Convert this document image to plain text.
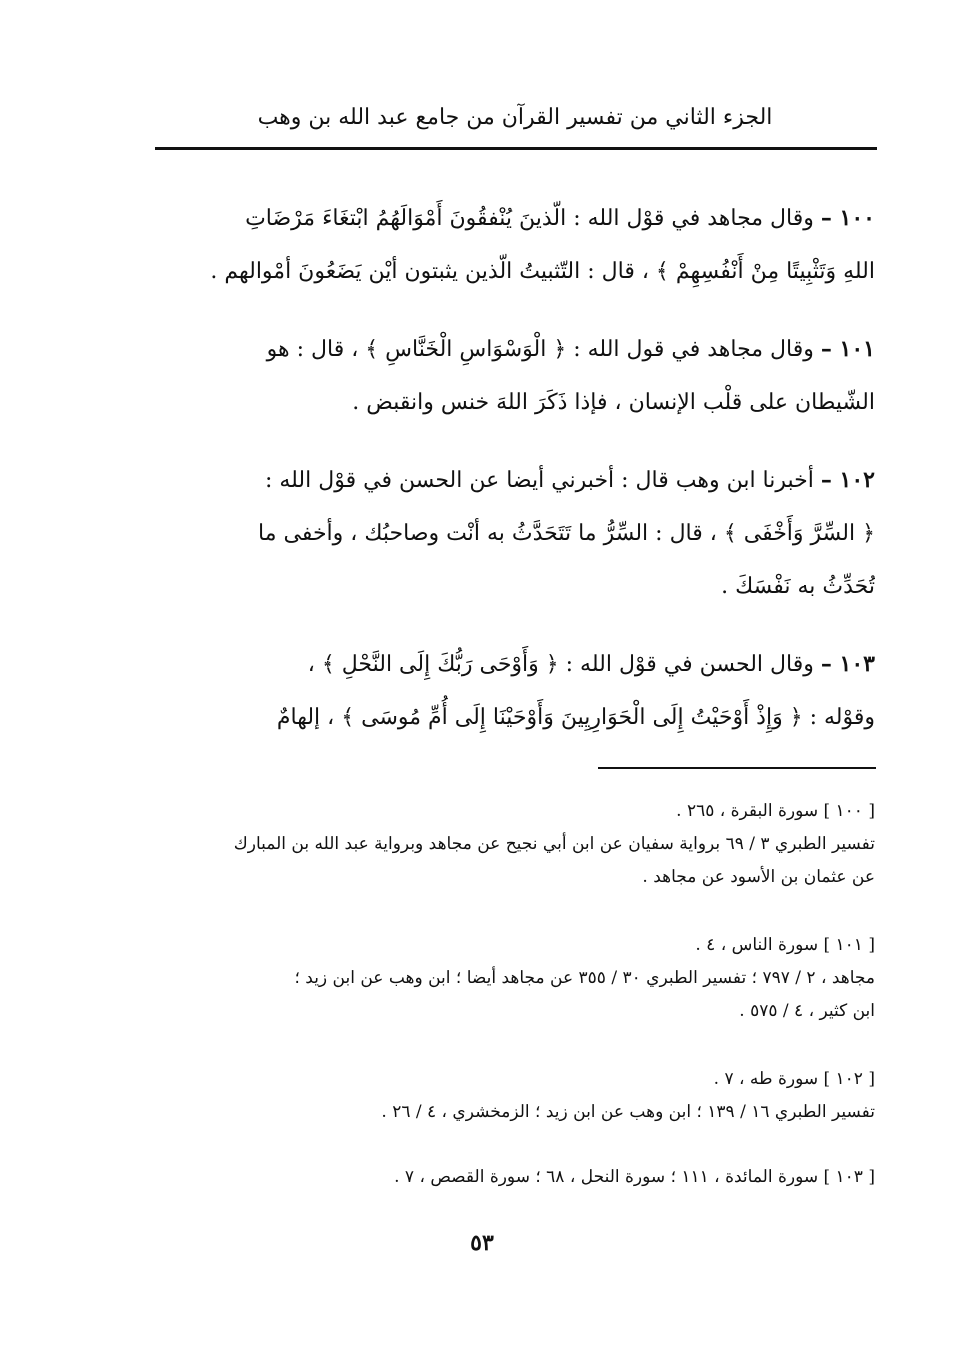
الجزء الثاني من تفسير القرآن من جامع عبد الله بن وهب
١٠٠ – وقال مجاهد في قوْل الله : الّذينَ يُنْفقُونَ أَمْوَالَهُمُ ابْتغَاءَ مَرْضَاتِ
اللهِ وَتَثْبِيتًا مِنْ أَنْفُسِهِمْ ﴾ ، قال : التّثبيتُ الّذين يثبتون أيْن يَضَعُونَ أمْوالهم .
١٠١ – وقال مجاهد في قول الله : ﴿ الْوَسْوَاسِ الْخَنَّاسِ ﴾ ، قال : هو
الشّيطان على قلْب الإنسان ، فإذا ذَكَرَ اللهَ خنس وانقبض .
١٠٢ – أخبرنا ابن وهب قال : أخبرني أيضا عن الحسن في قوْل الله :
﴿ السِّرَّ وَأَخْفَى ﴾ ، قال : السِّرُّ ما تَتَحَدَّثُ به أنْت وصاحبُك ، وأخفى ما
تُحَدِّثُ به نَفْسَكَ .
١٠٣ – وقال الحسن في قوْل الله : ﴿ وَأَوْحَى رَبُّكَ إِلَى النَّحْلِ ﴾ ،
وقوْله : ﴿ وَإِذْ أَوْحَيْتُ إِلَى الْحَوَارِيِينَ وَأَوْحَيْنَا إِلَى أُمِّ مُوسَى ﴾ ، إلهامٌ
[ ١٠٠ ] سورة البقرة ، ٢٦٥ .
تفسير الطبري ٣ / ٦٩ برواية سفيان عن ابن أبي نجيح عن مجاهد وبرواية عبد الله بن المبارك
عن عثمان بن الأسود عن مجاهد .
[ ١٠١ ] سورة الناس ، ٤ .
مجاهد ، ٢ / ٧٩٧ ؛ تفسير الطبري ٣٠ / ٣٥٥ عن مجاهد أيضا ؛ ابن وهب عن ابن زيد ؛
ابن كثير ، ٤ / ٥٧٥ .
[ ١٠٢ ] سورة طه ، ٧ .
تفسير الطبري ١٦ / ١٣٩ ؛ ابن وهب عن ابن زيد ؛ الزمخشري ، ٤ / ٢٦ .
[ ١٠٣ ] سورة المائدة ، ١١١ ؛ سورة النحل ، ٦٨ ؛ سورة القصص ، ٧ .
٥٣
